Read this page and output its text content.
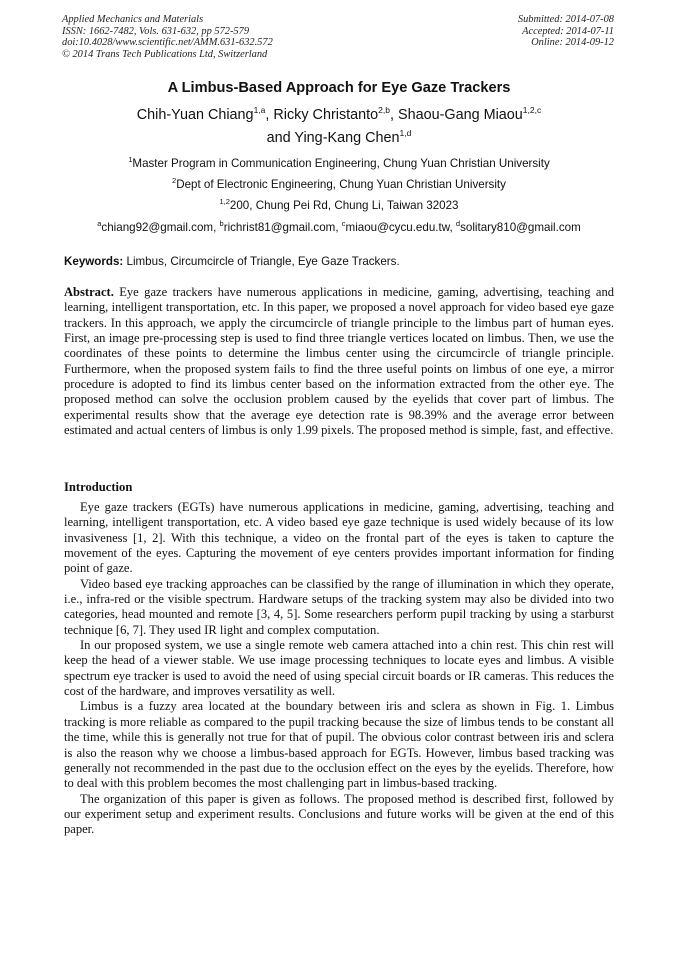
Applied Mechanics and Materials
ISSN: 1662-7482, Vols. 631-632, pp 572-579
doi:10.4028/www.scientific.net/AMM.631-632.572
© 2014 Trans Tech Publications Ltd, Switzerland
Submitted: 2014-07-08
Accepted: 2014-07-11
Online: 2014-09-12
A Limbus-Based Approach for Eye Gaze Trackers
Chih-Yuan Chiang$^{1,a}$, Ricky Christanto$^{2,b}$, Shaou-Gang Miaou$^{1,2,c}$
and Ying-Kang Chen$^{1,d}$
$^1$Master Program in Communication Engineering, Chung Yuan Christian University
$^2$Dept of Electronic Engineering, Chung Yuan Christian University
$^{1,2}$200, Chung Pei Rd, Chung Li, Taiwan 32023
$^a$chiang92@gmail.com, $^b$richrist81@gmail.com, $^c$miaou@cycu.edu.tw, $^d$solitary810@gmail.com
Keywords: Limbus, Circumcircle of Triangle, Eye Gaze Trackers.
Abstract. Eye gaze trackers have numerous applications in medicine, gaming, advertising, teaching and learning, intelligent transportation, etc. In this paper, we proposed a novel approach for video based eye gaze trackers. In this approach, we apply the circumcircle of triangle principle to the limbus part of human eyes. First, an image pre-processing step is used to find three triangle vertices located on limbus. Then, we use the coordinates of these points to determine the limbus center using the circumcircle of triangle principle. Furthermore, when the proposed system fails to find the three useful points on limbus of one eye, a mirror procedure is adopted to find its limbus center based on the information extracted from the other eye. The proposed method can solve the occlusion problem caused by the eyelids that cover part of limbus. The experimental results show that the average eye detection rate is 98.39% and the average error between estimated and actual centers of limbus is only 1.99 pixels. The proposed method is simple, fast, and effective.
Introduction

Eye gaze trackers (EGTs) have numerous applications in medicine, gaming, advertising, teaching and learning, intelligent transportation, etc. A video based eye gaze technique is used widely because of its low invasiveness [1, 2]. With this technique, a video on the frontal part of the eyes is taken to capture the movement of the eyes. Capturing the movement of eye centers provides important information for finding point of gaze.

Video based eye tracking approaches can be classified by the range of illumination in which they operate, i.e., infra-red or the visible spectrum. Hardware setups of the tracking system may also be divided into two categories, head mounted and remote [3, 4, 5]. Some researchers perform pupil tracking by using a starburst technique [6, 7]. They used IR light and complex computation.

In our proposed system, we use a single remote web camera attached into a chin rest. This chin rest will keep the head of a viewer stable. We use image processing techniques to locate eyes and limbus. A visible spectrum eye tracker is used to avoid the need of using special circuit boards or IR cameras. This reduces the cost of the hardware, and improves versatility as well.

Limbus is a fuzzy area located at the boundary between iris and sclera as shown in Fig. 1. Limbus tracking is more reliable as compared to the pupil tracking because the size of limbus tends to be constant all the time, while this is generally not true for that of pupil. The obvious color contrast between iris and sclera is also the reason why we choose a limbus-based approach for EGTs. However, limbus based tracking was generally not recommended in the past due to the occlusion effect on the eyes by the eyelids. Therefore, how to deal with this problem becomes the most challenging part in limbus-based tracking.

The organization of this paper is given as follows. The proposed method is described first, followed by our experiment setup and experiment results. Conclusions and future works will be given at the end of this paper.
